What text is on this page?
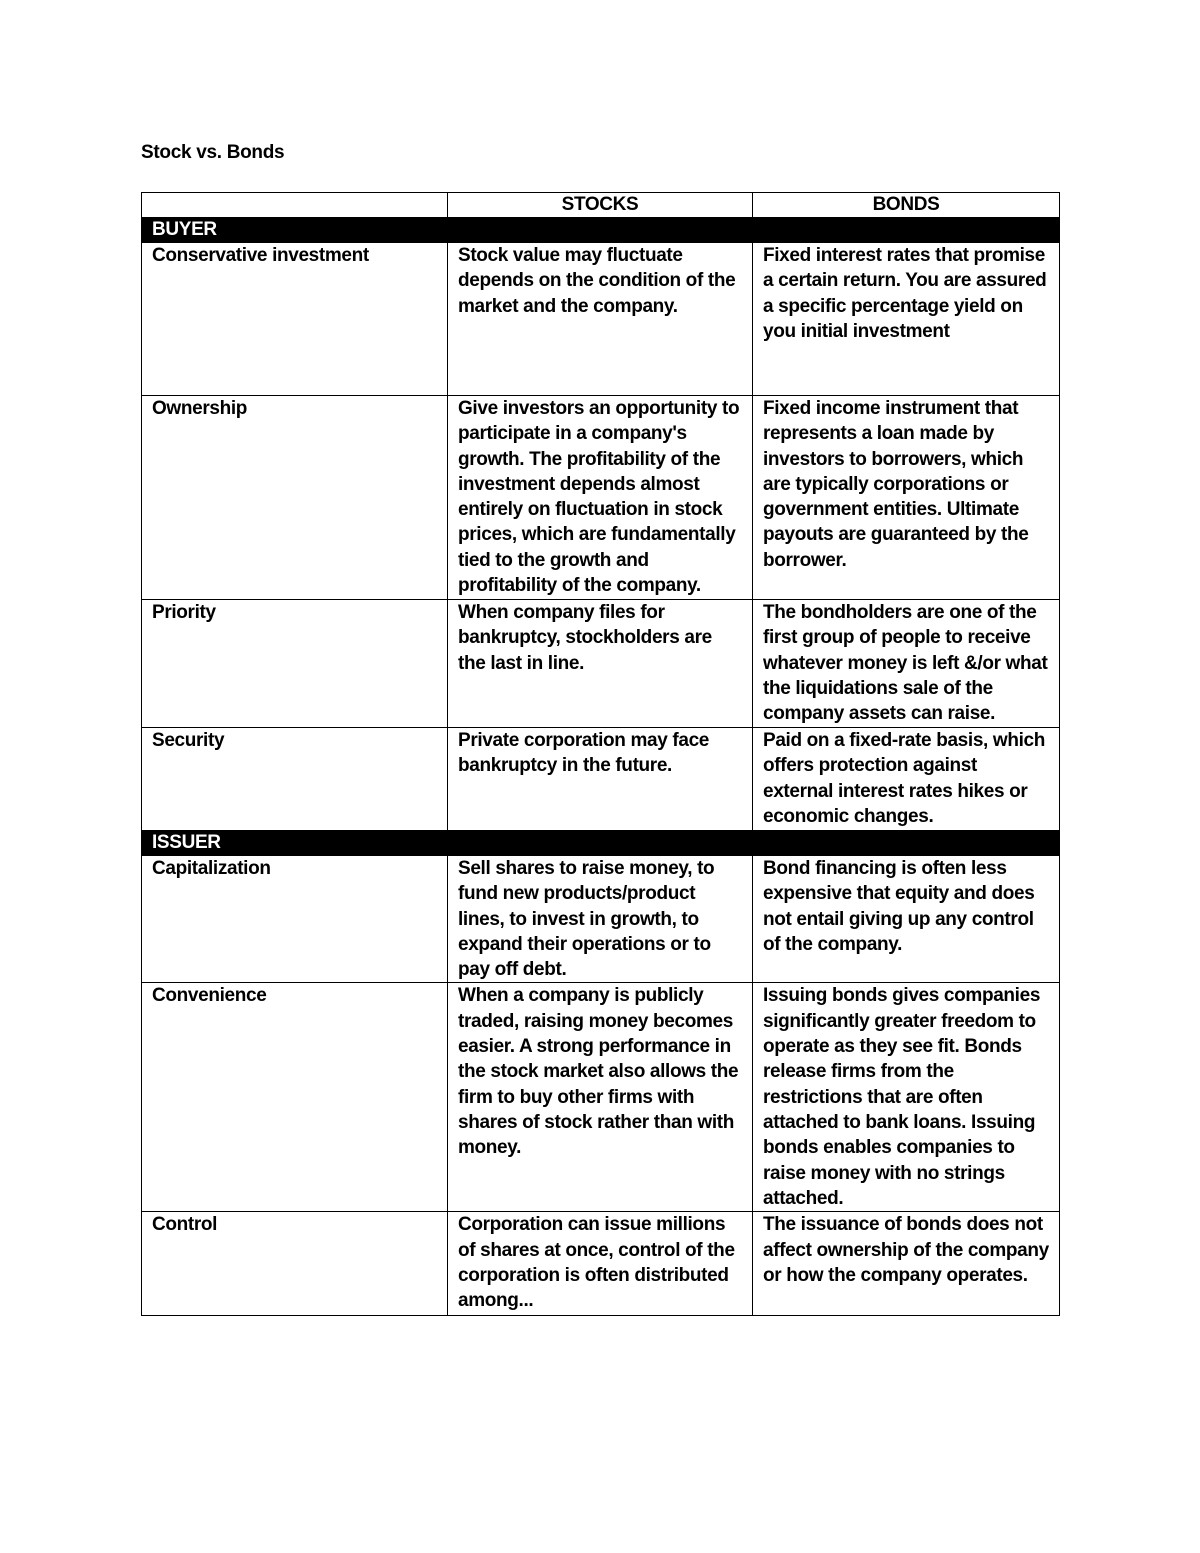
Stock vs. Bonds
	STOCKS	BONDS
BUYER		
Conservative investment	Stock value may fluctuate depends on the condition of the market and the company.	Fixed interest rates that promise a certain return. You are assured a specific percentage yield on you initial investment
Ownership	Give investors an opportunity to participate in a company's growth. The profitability of the investment depends almost entirely on fluctuation in stock prices, which are fundamentally tied to the growth and profitability of the company.	Fixed income instrument that represents a loan made by investors to borrowers, which are typically corporations or government entities. Ultimate payouts are guaranteed by the borrower.
Priority	When company files for bankruptcy, stockholders are the last in line.	The bondholders are one of the first group of people to receive whatever money is left &/or what the liquidations sale of the company assets can raise.
Security	Private corporation may face bankruptcy in the future.	Paid on a fixed-rate basis, which offers protection against external interest rates hikes or economic changes.
ISSUER		
Capitalization	Sell shares to raise money, to fund new products/product lines, to invest in growth, to expand their operations or to pay off debt.	Bond financing is often less expensive that equity and does not entail giving up any control of the company.
Convenience	When a company is publicly traded, raising money becomes easier. A strong performance in the stock market also allows the firm to buy other firms with shares of stock rather than with money.	Issuing bonds gives companies significantly greater freedom to operate as they see fit. Bonds release firms from the restrictions that are often attached to bank loans. Issuing bonds enables companies to raise money with no strings attached.
Control	Corporation can issue millions of shares at once, control of the corporation is often distributed among...	The issuance of bonds does not affect ownership of the company or how the company operates.
